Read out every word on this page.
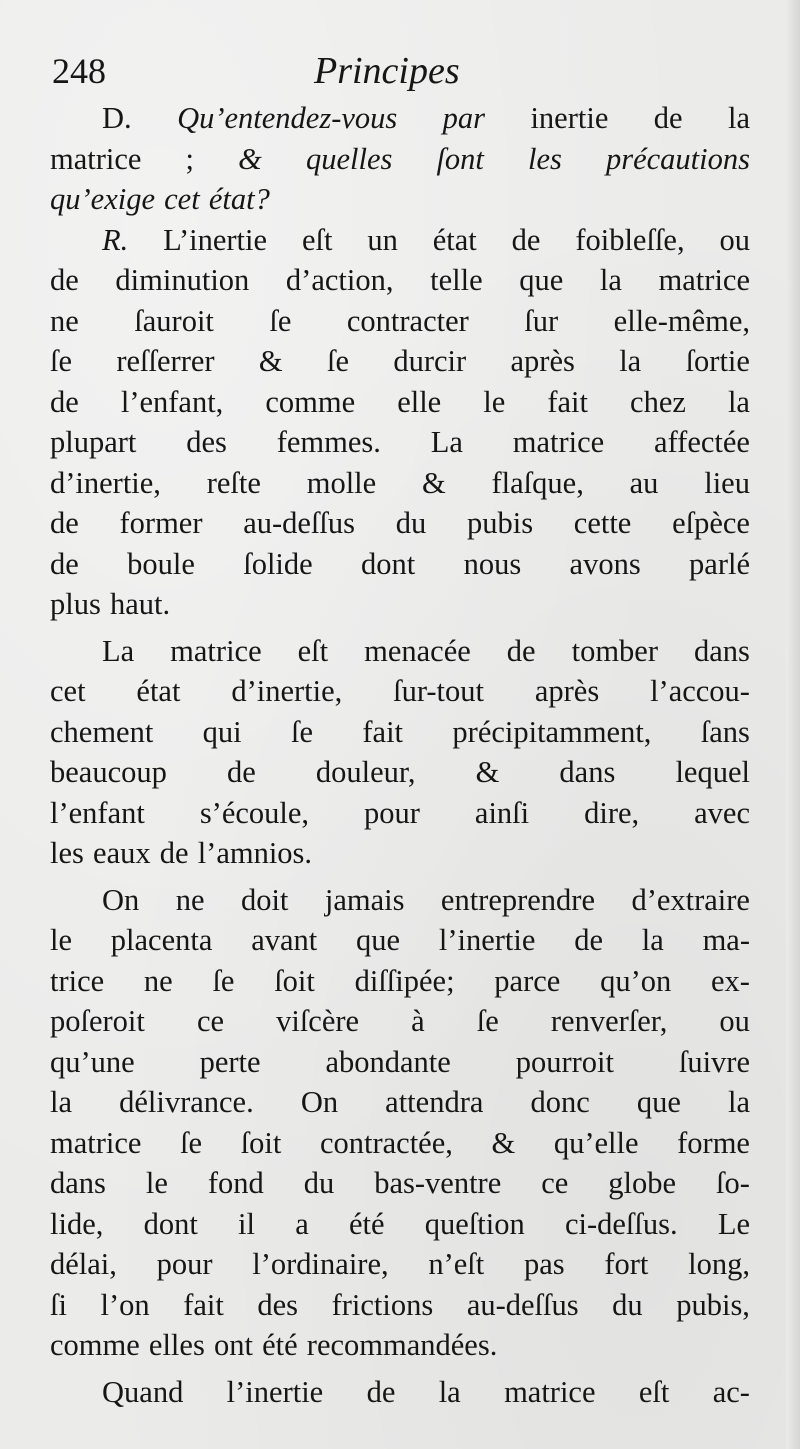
248	Principes
D. Qu’entendez-vous par inertie de la
matrice ; & quelles ſont les précautions
qu’exige cet état?
R. L’inertie eſt un état de foibleſſe, ou
de diminution d’action, telle que la matrice
ne ſauroit ſe contracter ſur elle-même,
ſe reſſerrer & ſe durcir après la ſortie
de l’enfant, comme elle le fait chez la
plupart des femmes. La matrice affectée
d’inertie, reſte molle & flaſque, au lieu
de former au-deſſus du pubis cette eſpèce
de boule ſolide dont nous avons parlé
plus haut.
La matrice eſt menacée de tomber dans
cet état d’inertie, ſur-tout après l’accou-
chement qui ſe fait précipitamment, ſans
beaucoup de douleur, & dans lequel
l’enfant s’écoule, pour ainſi dire, avec
les eaux de l’amnios.
On ne doit jamais entreprendre d’extraire
le placenta avant que l’inertie de la ma-
trice ne ſe ſoit diſſipée; parce qu’on ex-
poſeroit ce viſcère à ſe renverſer, ou
qu’une perte abondante pourroit ſuivre
la délivrance. On attendra donc que la
matrice ſe ſoit contractée, & qu’elle forme
dans le fond du bas-ventre ce globe ſo-
lide, dont il a été queſtion ci-deſſus. Le
délai, pour l’ordinaire, n’eſt pas fort long,
ſi l’on fait des frictions au-deſſus du pubis,
comme elles ont été recommandées.
Quand l’inertie de la matrice eſt ac-
